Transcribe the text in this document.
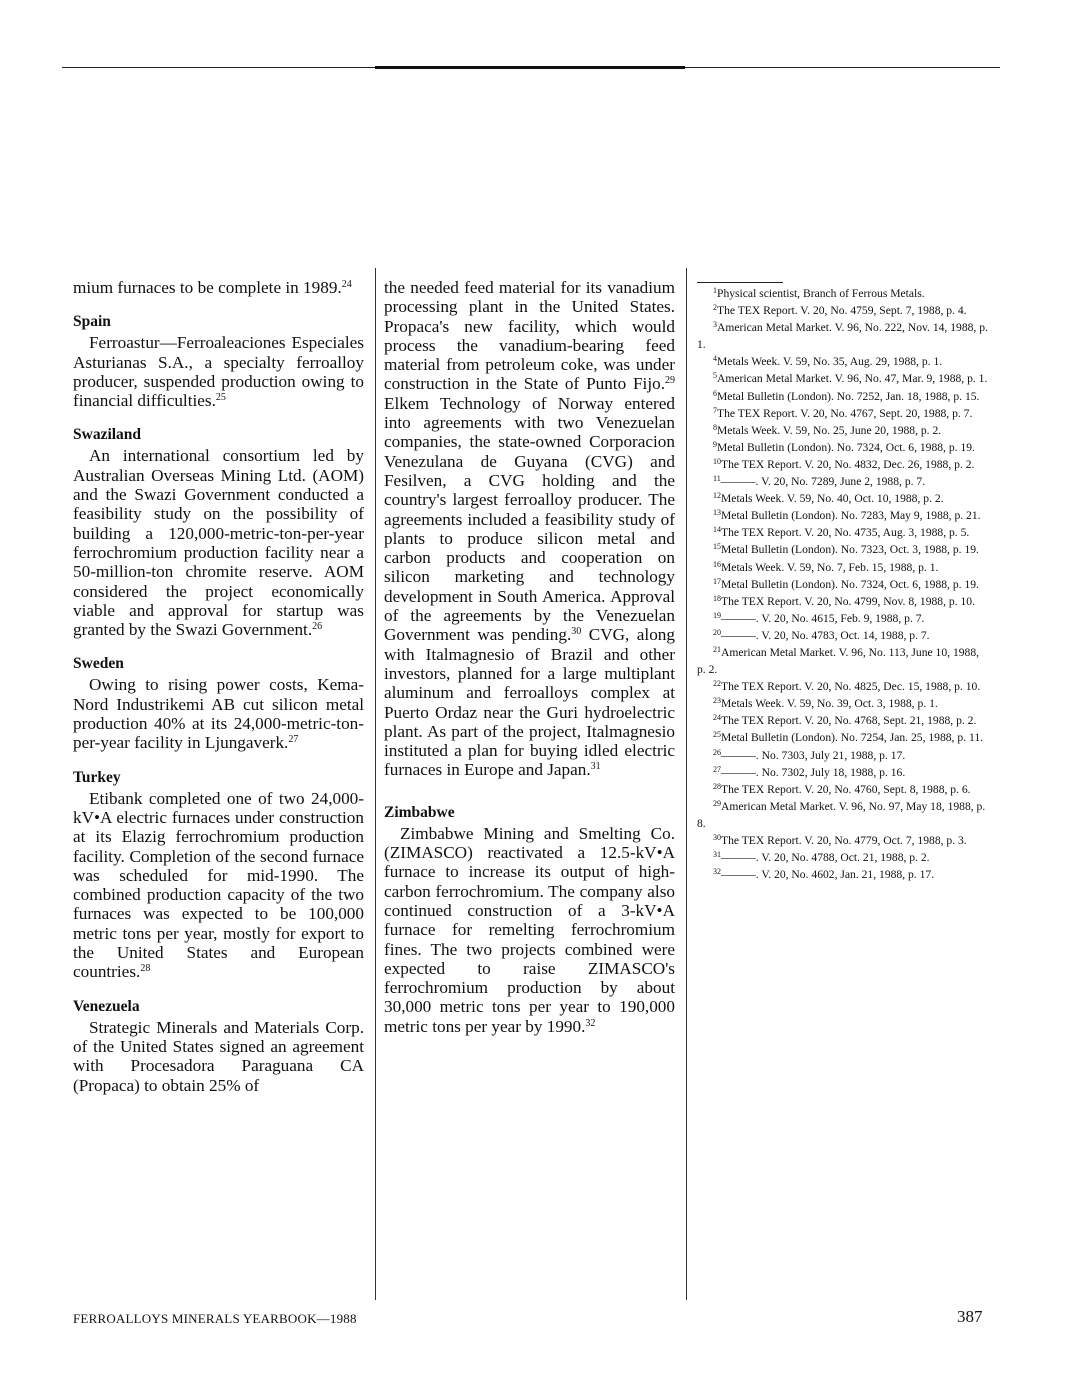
mium furnaces to be complete in 1989.24

Spain

Ferroastur—Ferroaleaciones Especiales Asturianas S.A., a specialty ferroalloy producer, suspended production owing to financial difficulties.$^{25}$

Swaziland

An international consortium led by Australian Overseas Mining Ltd. (AOM) and the Swazi Government conducted a feasibility study on the possibility of building a 120,000-metric-ton-per-year ferrochromium production facility near a 50-million-ton chromite reserve. AOM considered the project economically viable and approval for startup was granted by the Swazi Government.$^{26}$

Sweden

Owing to rising power costs, Kema-Nord Industrikemi AB cut silicon metal production 40% at its 24,000-metric-ton-per-year facility in Ljungaverk.$^{27}$

Turkey

Etibank completed one of two 24,000-kV•A electric furnaces under construction at its Elazig ferrochromium production facility. Completion of the second furnace was scheduled for mid-1990. The combined production capacity of the two furnaces was expected to be 100,000 metric tons per year, mostly for export to the United States and European countries.$^{28}$

Venezuela

Strategic Minerals and Materials Corp. of the United States signed an agreement with Procesadora Paraguana CA (Propaca) to obtain 25% of

the needed feed material for its vanadium processing plant in the United States. Propaca's new facility, which would process the vanadium-bearing feed material from petroleum coke, was under construction in the State of Punto Fijo.$^{29}$ Elkem Technology of Norway entered into agreements with two Venezuelan companies, the state-owned Corporacion Venezulana de Guyana (CVG) and Fesilven, a CVG holding and the country's largest ferroalloy producer. The agreements included a feasibility study of plants to produce silicon metal and carbon products and cooperation on silicon marketing and technology development in South America. Approval of the agreements by the Venezuelan Government was pending.$^{30}$ CVG, along with Italmagnesio of Brazil and other investors, planned for a large multiplant aluminum and ferroalloys complex at Puerto Ordaz near the Guri hydroelectric plant. As part of the project, Italmagnesio instituted a plan for buying idled electric furnaces in Europe and Japan.$^{31}$

Zimbabwe

Zimbabwe Mining and Smelting Co. (ZIMASCO) reactivated a 12.5-kV•A furnace to increase its output of high-carbon ferrochromium. The company also continued construction of a 3-kV•A furnace for remelting ferrochromium fines. The two projects combined were expected to raise ZIMASCO's ferrochromium production by about 30,000 metric tons per year to 190,000 metric tons per year by 1990.32

$^1$Physical scientist, Branch of Ferrous Metals.

$^2$The TEX Report. V. 20, No. 4759, Sept. 7, 1988, p. 4.

$^3$American Metal Market. V. 96, No. 222, Nov. 14, 1988, p. 1.

$^4$Metals Week. V. 59, No. 35, Aug. 29, 1988, p. 1.

$^5$American Metal Market. V. 96, No. 47, Mar. 9, 1988, p. 1.

$^6$Metal Bulletin (London). No. 7252, Jan. 18, 1988, p. 15.

$^7$The TEX Report. V. 20, No. 4767, Sept. 20, 1988, p. 7.

$^8$Metals Week. V. 59, No. 25, June 20, 1988, p. 2.

$^9$Metal Bulletin (London). No. 7324, Oct. 6, 1988, p. 19.

$^{10}$The TEX Report. V. 20, No. 4832, Dec. 26, 1988, p. 2.

$^{11}$———. V. 20, No. 7289, June 2, 1988, p. 7.

$^{12}$Metals Week. V. 59, No. 40, Oct. 10, 1988, p. 2.

$^{13}$Metal Bulletin (London). No. 7283, May 9, 1988, p. 21.

$^{14}$The TEX Report. V. 20, No. 4735, Aug. 3, 1988, p. 5.

$^{15}$Metal Bulletin (London). No. 7323, Oct. 3, 1988, p. 19.

$^{16}$Metals Week. V. 59, No. 7, Feb. 15, 1988, p. 1.

$^{17}$Metal Bulletin (London). No. 7324, Oct. 6, 1988, p. 19.

$^{18}$The TEX Report. V. 20, No. 4799, Nov. 8, 1988, p. 10.

$^{19}$———. V. 20, No. 4615, Feb. 9, 1988, p. 7.

$^{20}$———. V. 20, No. 4783, Oct. 14, 1988, p. 7.

$^{21}$American Metal Market. V. 96, No. 113, June 10, 1988, p. 2.

$^{22}$The TEX Report. V. 20, No. 4825, Dec. 15, 1988, p. 10.

$^{23}$Metals Week. V. 59, No. 39, Oct. 3, 1988, p. 1.

$^{24}$The TEX Report. V. 20, No. 4768, Sept. 21, 1988, p. 2.

$^{25}$Metal Bulletin (London). No. 7254, Jan. 25, 1988, p. 11.

$^{26}$———. No. 7303, July 21, 1988, p. 17.

$^{27}$———. No. 7302, July 18, 1988, p. 16.

$^{28}$The TEX Report. V. 20, No. 4760, Sept. 8, 1988, p. 6.

$^{29}$American Metal Market. V. 96, No. 97, May 18, 1988, p. 8.

$^{30}$The TEX Report. V. 20, No. 4779, Oct. 7, 1988, p. 3.

$^{31}$———. V. 20, No. 4788, Oct. 21, 1988, p. 2.

$^{32}$———. V. 20, No. 4602, Jan. 21, 1988, p. 17.

FERROALLOYS MINERALS YEARBOOK—1988	387
